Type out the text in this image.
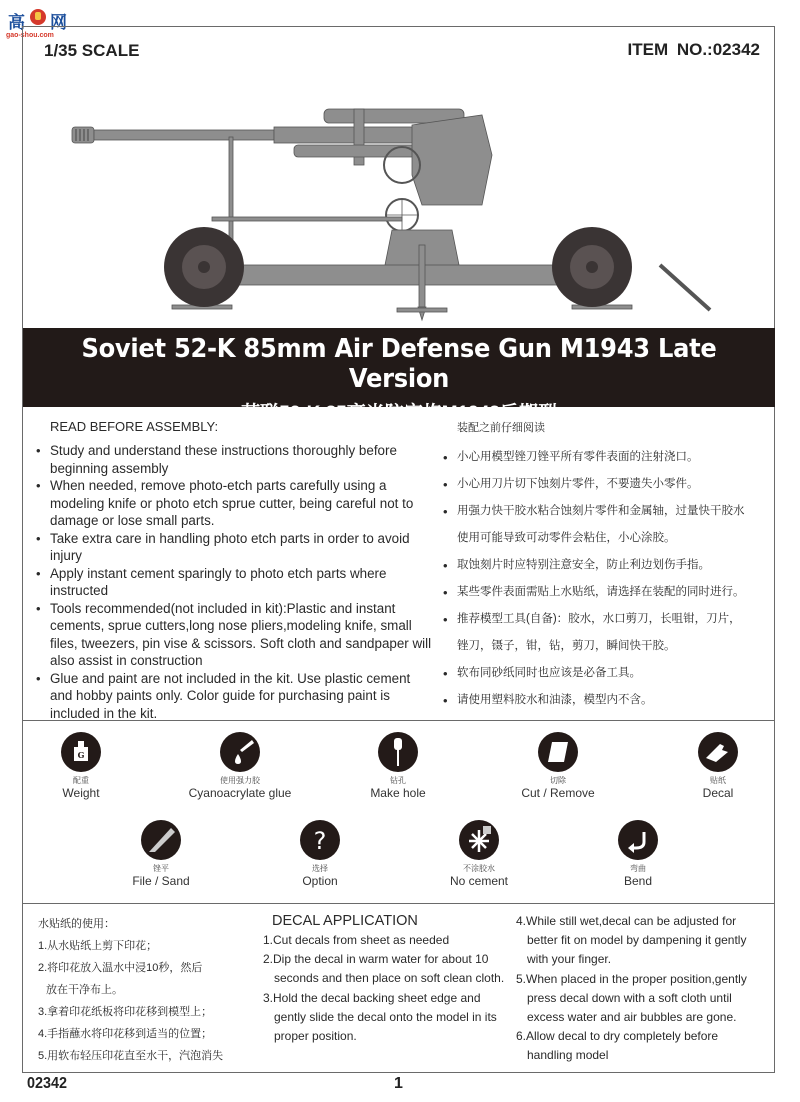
高 网
gao-shou.com
1/35 SCALE	ITEM NO.:02342
Soviet 52-K 85mm Air Defense Gun M1943 Late Version
苏联52-K 85毫米防空炮M1943后期型
READ BEFORE ASSEMBLY:
• Study and understand these instructions thoroughly before beginning assembly
• When needed, remove photo-etch parts carefully using a modeling knife or photo etch sprue cutter, being careful not to damage or lose small parts.
• Take extra care in handling photo etch parts in order to avoid injury
• Apply instant cement sparingly to photo etch parts where instructed
• Tools recommended(not included in kit):Plastic and instant cements, sprue cutters,long nose pliers,modeling knife, small files, tweezers, pin vise & scissors. Soft cloth and sandpaper will also assist in construction
• Glue and paint are not included in the kit. Use plastic cement and hobby paints only. Color guide for purchasing paint is included in the kit.
装配之前仔细阅读
• 小心用模型锉刀锉平所有零件表面的注射浇口。
• 小心用刀片切下蚀刻片零件，不要遗失小零件。
• 用强力快干胶水粘合蚀刻片零件和金属轴，过量快干胶水
使用可能导致可动零件会粘住，小心涂胶。
• 取蚀刻片时应特别注意安全，防止利边划伤手指。
• 某些零件表面需贴上水贴纸，请选择在装配的同时进行。
• 推荐模型工具(自备)：胶水，水口剪刀，长咀钳，刀片，
锉刀，镊子，钳，钻，剪刀，瞬间快干胶。
• 软布同砂纸同时也应该是必备工具。
• 请使用塑料胶水和油漆，模型内不含。
G
配重
Weight
使用强力胶
Cyanoacrylate glue
钻孔
Make hole
切除
Cut / Remove
贴纸
Decal
锉平
File / Sand
?
选择
Option
不涂胶水
No cement
弯曲
Bend
水贴纸的使用：
1.从水贴纸上剪下印花；
2.将印花放入温水中浸10秒，然后
放在干净布上。
3.拿着印花纸板将印花移到模型上；
4.手指蘸水将印花移到适当的位置；
5.用软布轻压印花直至水干，汽泡消失
DECAL APPLICATION
1.Cut decals from sheet as needed
2.Dip the decal in warm water for about 10
seconds and then place on soft clean cloth.
3.Hold the decal backing sheet edge and
gently slide the decal onto the model in its
proper position.
4.While still wet,decal can be adjusted for
better fit on model by dampening it gently
with your finger.
5.When placed in the proper position,gently
press decal down with a soft cloth until
excess water and air bubbles are gone.
6.Allow decal to dry completely before
handling model
02342	1
